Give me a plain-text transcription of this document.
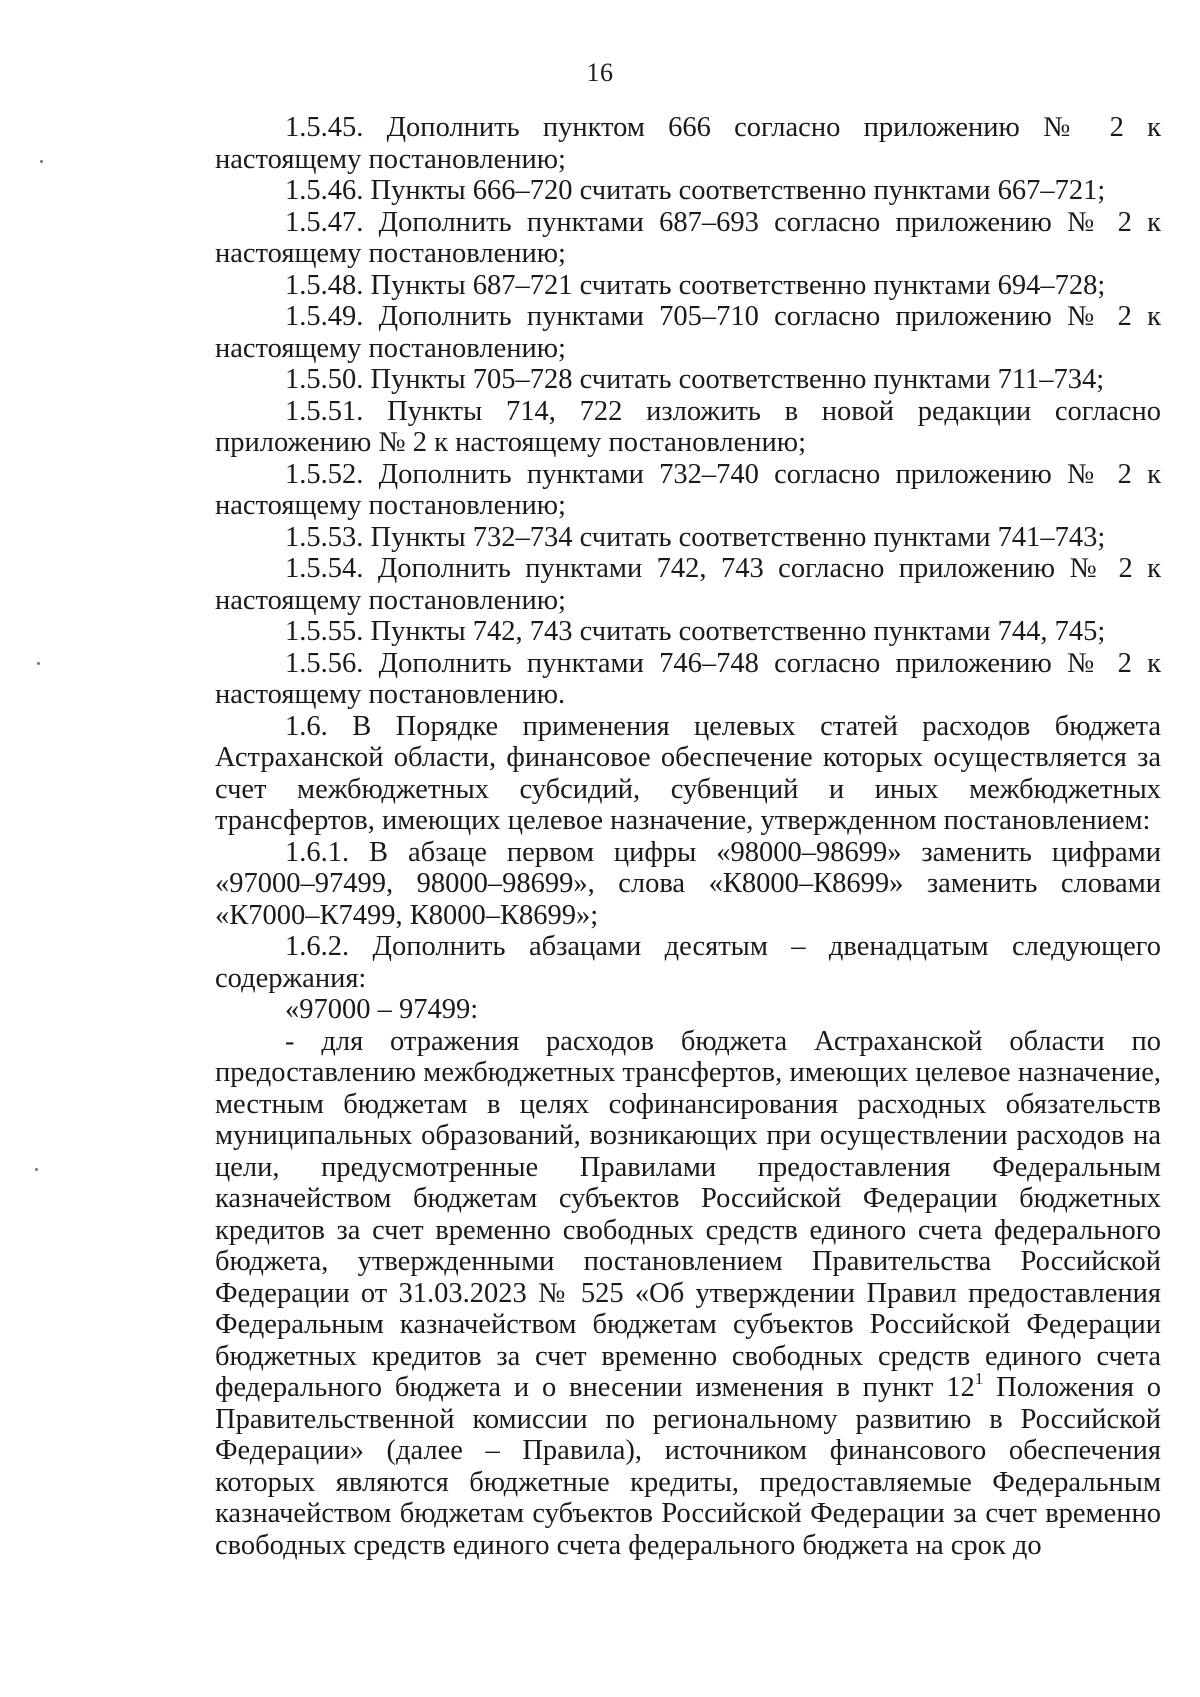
16

1.5.45. Дополнить пунктом 666 согласно приложению № 2 к настоящему постановлению;

1.5.46. Пункты 666–720 считать соответственно пунктами 667–721;

1.5.47. Дополнить пунктами 687–693 согласно приложению № 2 к настоящему постановлению;

1.5.48. Пункты 687–721 считать соответственно пунктами 694–728;

1.5.49. Дополнить пунктами 705–710 согласно приложению № 2 к настоящему постановлению;

1.5.50. Пункты 705–728 считать соответственно пунктами 711–734;

1.5.51. Пункты 714, 722 изложить в новой редакции согласно приложению № 2 к настоящему постановлению;

1.5.52. Дополнить пунктами 732–740 согласно приложению № 2 к настоящему постановлению;

1.5.53. Пункты 732–734 считать соответственно пунктами 741–743;

1.5.54. Дополнить пунктами 742, 743 согласно приложению № 2 к настоящему постановлению;

1.5.55. Пункты 742, 743 считать соответственно пунктами 744, 745;

1.5.56. Дополнить пунктами 746–748 согласно приложению № 2 к настоящему постановлению.

1.6. В Порядке применения целевых статей расходов бюджета Астраханской области, финансовое обеспечение которых осуществляется за счет межбюджетных субсидий, субвенций и иных межбюджетных трансфертов, имеющих целевое назначение, утвержденном постановлением:

1.6.1. В абзаце первом цифры «98000–98699» заменить цифрами «97000–97499, 98000–98699», слова «К8000–К8699» заменить словами «К7000–К7499, К8000–К8699»;

1.6.2. Дополнить абзацами десятым – двенадцатым следующего содержания:

«97000 – 97499:

- для отражения расходов бюджета Астраханской области по предоставлению межбюджетных трансфертов, имеющих целевое назначение, местным бюджетам в целях софинансирования расходных обязательств муниципальных образований, возникающих при осуществлении расходов на цели, предусмотренные Правилами предоставления Федеральным казначейством бюджетам субъектов Российской Федерации бюджетных кредитов за счет временно свободных средств единого счета федерального бюджета, утвержденными постановлением Правительства Российской Федерации от 31.03.2023 № 525 «Об утверждении Правил предоставления Федеральным казначейством бюджетам субъектов Российской Федерации бюджетных кредитов за счет временно свободных средств единого счета федерального бюджета и о внесении изменения в пункт $12^1$ Положения о Правительственной комиссии по региональному развитию в Российской Федерации» (далее – Правила), источником финансового обеспечения которых являются бюджетные кредиты, предоставляемые Федеральным казначейством бюджетам субъектов Российской Федерации за счет временно свободных средств единого счета федерального бюджета на срок до
